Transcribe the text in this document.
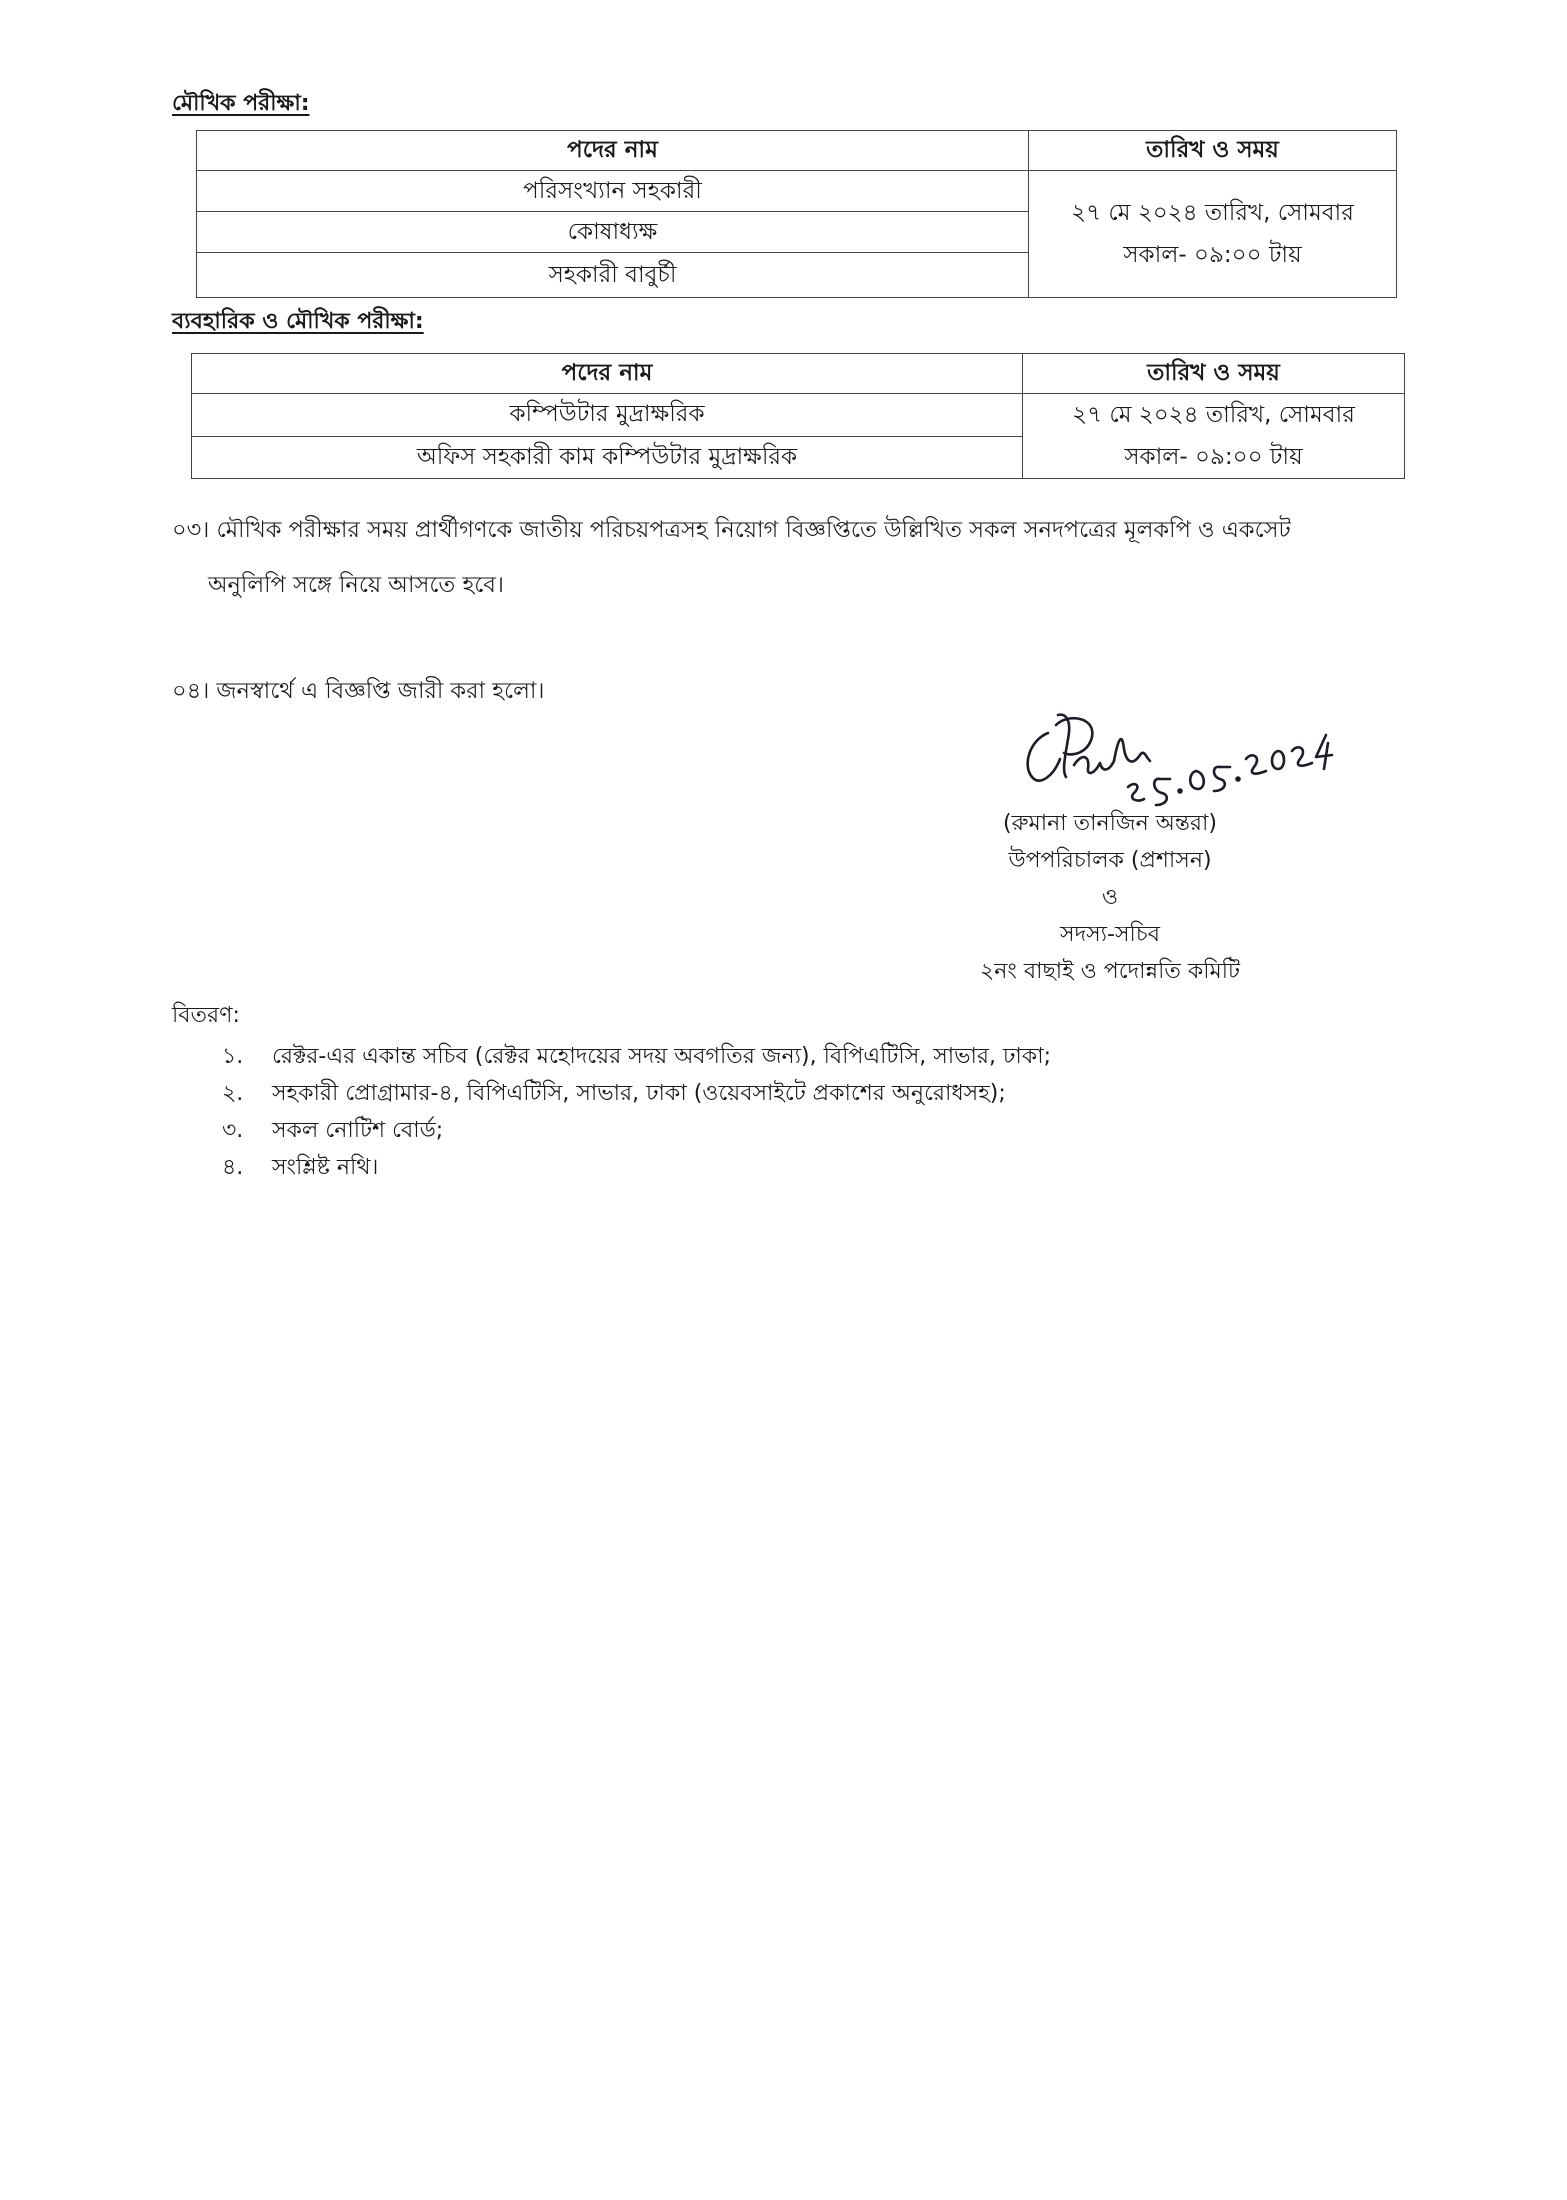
মৌখিক পরীক্ষা:
পদের নাম	তারিখ ও সময়
পরিসংখ্যান সহকারী	২৭ মে ২০২৪ তারিখ, সোমবার
সকাল- ০৯:০০ টায়

কোষাধ্যক্ষ	
সহকারী বাবুর্চী	
ব্যবহারিক ও মৌখিক পরীক্ষা:
পদের নাম	তারিখ ও সময়
কম্পিউটার মুদ্রাক্ষরিক	২৭ মে ২০২৪ তারিখ, সোমবার
সকাল- ০৯:০০ টায়

অফিস সহকারী কাম কম্পিউটার মুদ্রাক্ষরিক	
০৩। মৌখিক পরীক্ষার সময় প্রার্থীগণকে জাতীয় পরিচয়পত্রসহ নিয়োগ বিজ্ঞপ্তিতে উল্লিখিত সকল সনদপত্রের মূলকপি ও একসেট
অনুলিপি সঙ্গে নিয়ে আসতে হবে।
০৪। জনস্বার্থে এ বিজ্ঞপ্তি জারী করা হলো।
(রুমানা তানজিন অন্তরা)
উপপরিচালক (প্রশাসন)
ও
সদস্য-সচিব
২নং বাছাই ও পদোন্নতি কমিটি
বিতরণ:
১.	রেক্টর-এর একান্ত সচিব (রেক্টর মহোদয়ের সদয় অবগতির জন্য), বিপিএটিসি, সাভার, ঢাকা;
২.	সহকারী প্রোগ্রামার-৪, বিপিএটিসি, সাভার, ঢাকা (ওয়েবসাইটে প্রকাশের অনুরোধসহ);
৩.	সকল নোটিশ বোর্ড;
৪.	সংশ্লিষ্ট নথি।
